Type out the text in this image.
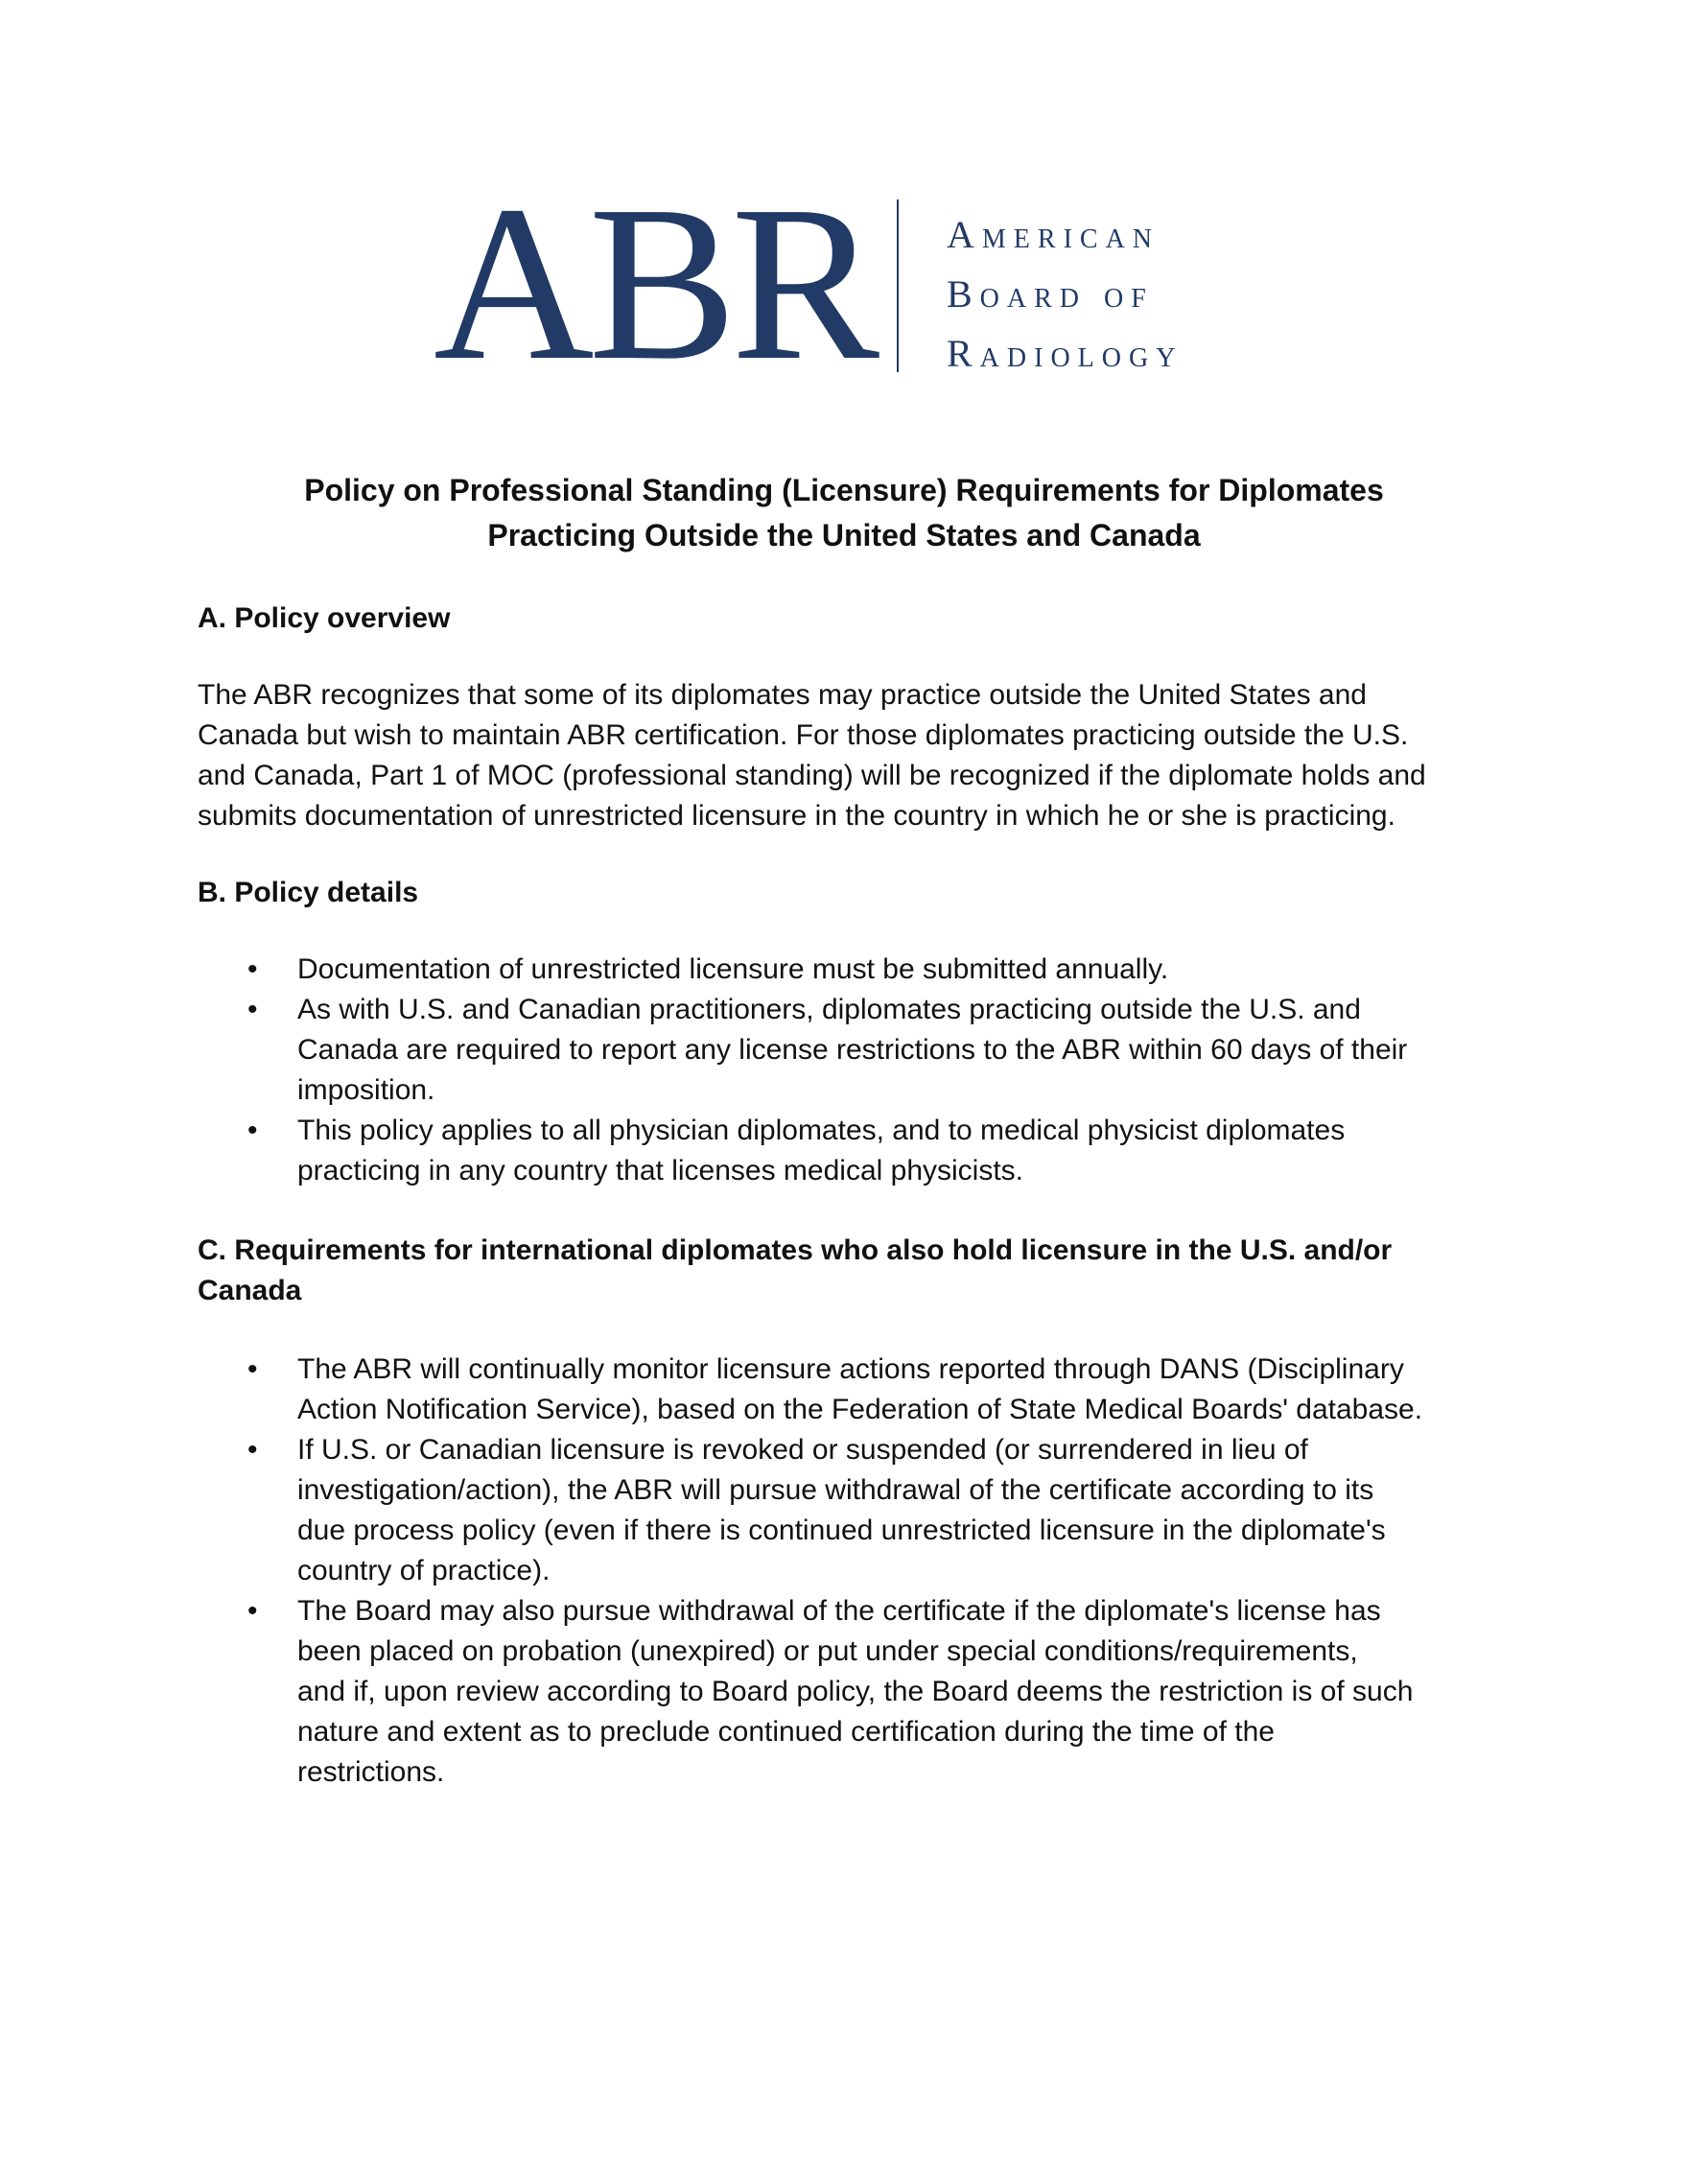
ABR American
Board of
Radiology
Policy on Professional Standing (Licensure) Requirements for Diplomates
Practicing Outside the United States and Canada
A. Policy overview
The ABR recognizes that some of its diplomates may practice outside the United States and
Canada but wish to maintain ABR certification. For those diplomates practicing outside the U.S.
and Canada, Part 1 of MOC (professional standing) will be recognized if the diplomate holds and
submits documentation of unrestricted licensure in the country in which he or she is practicing.
B. Policy details
• Documentation of unrestricted licensure must be submitted annually.
• As with U.S. and Canadian practitioners, diplomates practicing outside the U.S. and
Canada are required to report any license restrictions to the ABR within 60 days of their
imposition.
• This policy applies to all physician diplomates, and to medical physicist diplomates
practicing in any country that licenses medical physicists.
C. Requirements for international diplomates who also hold licensure in the U.S. and/or
Canada
• The ABR will continually monitor licensure actions reported through DANS (Disciplinary
Action Notification Service), based on the Federation of State Medical Boards' database.
• If U.S. or Canadian licensure is revoked or suspended (or surrendered in lieu of
investigation/action), the ABR will pursue withdrawal of the certificate according to its
due process policy (even if there is continued unrestricted licensure in the diplomate's
country of practice).
• The Board may also pursue withdrawal of the certificate if the diplomate's license has
been placed on probation (unexpired) or put under special conditions/requirements,
and if, upon review according to Board policy, the Board deems the restriction is of such
nature and extent as to preclude continued certification during the time of the
restrictions.
